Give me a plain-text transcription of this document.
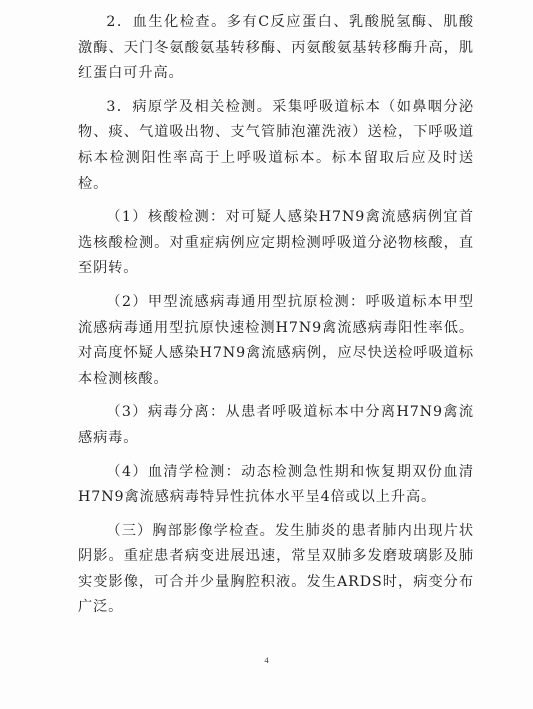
2．血生化检查。多有C反应蛋白、乳酸脱氢酶、肌酸激酶、天门冬氨酸氨基转移酶、丙氨酸氨基转移酶升高，肌红蛋白可升高。

3．病原学及相关检测。采集呼吸道标本（如鼻咽分泌物、痰、气道吸出物、支气管肺泡灌洗液）送检，下呼吸道标本检测阳性率高于上呼吸道标本。标本留取后应及时送检。

（1）核酸检测：对可疑人感染H7N9禽流感病例宜首选核酸检测。对重症病例应定期检测呼吸道分泌物核酸，直至阴转。

（2）甲型流感病毒通用型抗原检测：呼吸道标本甲型流感病毒通用型抗原快速检测H7N9禽流感病毒阳性率低。对高度怀疑人感染H7N9禽流感病例，应尽快送检呼吸道标本检测核酸。

（3）病毒分离：从患者呼吸道标本中分离H7N9禽流感病毒。

（4）血清学检测：动态检测急性期和恢复期双份血清H7N9禽流感病毒特异性抗体水平呈4倍或以上升高。

（三）胸部影像学检查。发生肺炎的患者肺内出现片状阴影。重症患者病变进展迅速，常呈双肺多发磨玻璃影及肺实变影像，可合并少量胸腔积液。发生ARDS时，病变分布广泛。

4
